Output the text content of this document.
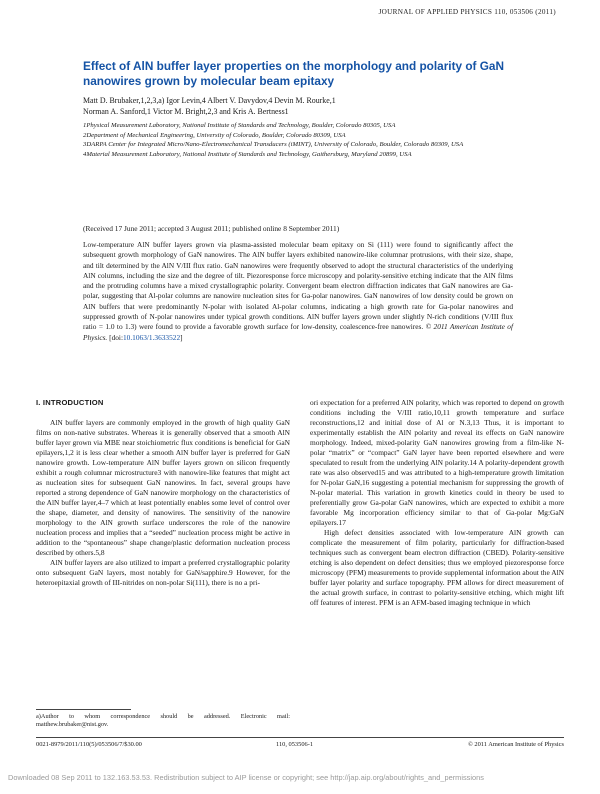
JOURNAL OF APPLIED PHYSICS 110, 053506 (2011)
Effect of AlN buffer layer properties on the morphology and polarity of GaN nanowires grown by molecular beam epitaxy
Matt D. Brubaker,1,2,3,a) Igor Levin,4 Albert V. Davydov,4 Devin M. Rourke,1
Norman A. Sanford,1 Victor M. Bright,2,3 and Kris A. Bertness1

1Physical Measurement Laboratory, National Institute of Standards and Technology, Boulder, Colorado 80305, USA

2Department of Mechanical Engineering, University of Colorado, Boulder, Colorado 80309, USA

3DARPA Center for Integrated Micro/Nano-Electromechanical Transducers (iMINT), University of Colorado, Boulder, Colorado 80309, USA

4Material Measurement Laboratory, National Institute of Standards and Technology, Gaithersburg, Maryland 20899, USA

(Received 17 June 2011; accepted 3 August 2011; published online 8 September 2011)
Low-temperature AlN buffer layers grown via plasma-assisted molecular beam epitaxy on Si (111) were found to significantly affect the subsequent growth morphology of GaN nanowires. The AlN buffer layers exhibited nanowire-like columnar protrusions, with their size, shape, and tilt determined by the AlN V/III flux ratio. GaN nanowires were frequently observed to adopt the structural characteristics of the underlying AlN columns, including the size and the degree of tilt. Piezoresponse force microscopy and polarity-sensitive etching indicate that the AlN films and the protruding columns have a mixed crystallographic polarity. Convergent beam electron diffraction indicates that GaN nanowires are Ga-polar, suggesting that Al-polar columns are nanowire nucleation sites for Ga-polar nanowires. GaN nanowires of low density could be grown on AlN buffers that were predominantly N-polar with isolated Al-polar columns, indicating a high growth rate for Ga-polar nanowires and suppressed growth of N-polar nanowires under typical growth conditions. AlN buffer layers grown under slightly N-rich conditions (V/III flux ratio = 1.0 to 1.3) were found to provide a favorable growth surface for low-density, coalescence-free nanowires. © 2011 American Institute of Physics. [doi:10.1063/1.3633522]
I. INTRODUCTION

AlN buffer layers are commonly employed in the growth of high quality GaN films on non-native substrates. Whereas it is generally observed that a smooth AlN buffer layer grown via MBE near stoichiometric flux conditions is beneficial for GaN epilayers,1,2 it is less clear whether a smooth AlN buffer layer is preferred for GaN nanowire growth. Low-temperature AlN buffer layers grown on silicon frequently exhibit a rough columnar microstructure3 with nanowire-like features that might act as nucleation sites for subsequent GaN nanowires. In fact, several groups have reported a strong dependence of GaN nanowire morphology on the characteristics of the AlN buffer layer,4–7 which at least potentially enables some level of control over the shape, diameter, and density of nanowires. The sensitivity of the nanowire morphology to the AlN growth surface underscores the role of the nanowire nucleation process and implies that a “seeded” nucleation process might be active in addition to the “spontaneous” shape change/plastic deformation nucleation process described by others.5,8

AlN buffer layers are also utilized to impart a preferred crystallographic polarity onto subsequent GaN layers, most notably for GaN/sapphire.9 However, for the heteroepitaxial growth of III-nitrides on non-polar Si(111), there is no a pri-

ori expectation for a preferred AlN polarity, which was reported to depend on growth conditions including the V/III ratio,10,11 growth temperature and surface reconstructions,12 and initial dose of Al or N.3,13 Thus, it is important to experimentally establish the AlN polarity and reveal its effects on GaN nanowire morphology. Indeed, mixed-polarity GaN nanowires growing from a film-like N-polar “matrix” or “compact” GaN layer have been reported elsewhere and were speculated to result from the underlying AlN polarity.14 A polarity-dependent growth rate was also observed15 and was attributed to a high-temperature growth limitation for N-polar GaN,16 suggesting a potential mechanism for suppressing the growth of N-polar material. This variation in growth kinetics could in theory be used to preferentially grow Ga-polar GaN nanowires, which are expected to exhibit a more favorable Mg incorporation efficiency similar to that of Ga-polar Mg:GaN epilayers.17

High defect densities associated with low-temperature AlN growth can complicate the measurement of film polarity, particularly for diffraction-based techniques such as convergent beam electron diffraction (CBED). Polarity-sensitive etching is also dependent on defect densities; thus we employed piezoresponse force microscopy (PFM) measurements to provide supplemental information about the AlN buffer layer polarity and surface topography. PFM allows for direct measurement of the actual growth surface, in contrast to polarity-sensitive etching, which might lift off features of interest. PFM is an AFM-based imaging technique in which

a)Author to whom correspondence should be addressed. Electronic mail: matthew.brubaker@nist.gov.
0021-8979/2011/110(5)/053506/7/$30.00	110, 053506-1	© 2011 American Institute of Physics
Downloaded 08 Sep 2011 to 132.163.53.53. Redistribution subject to AIP license or copyright; see http://jap.aip.org/about/rights_and_permissions
